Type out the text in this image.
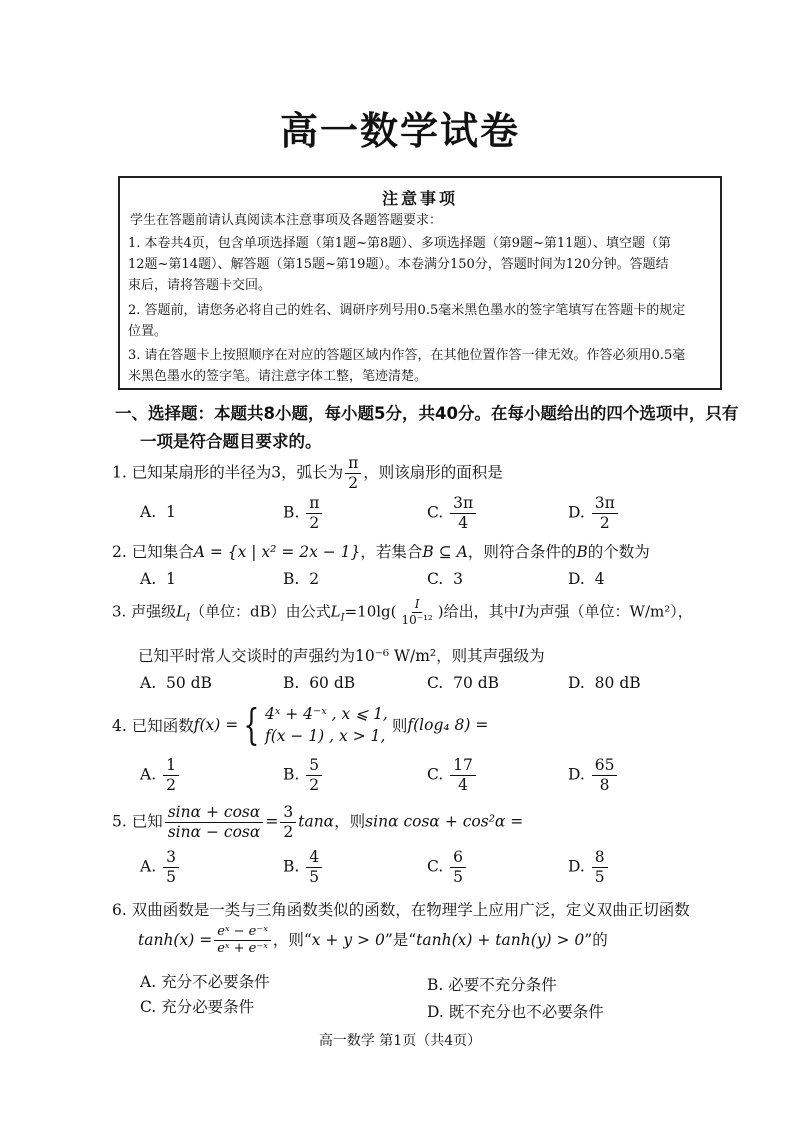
高一数学试卷
注意事项
学生在答题前请认真阅读本注意事项及各题答题要求：
1. 本卷共4页，包含单项选择题（第1题~第8题）、多项选择题（第9题~第11题）、填空题（第
12题~第14题）、解答题（第15题~第19题）。本卷满分150分，答题时间为120分钟。答题结
束后，请将答题卡交回。
2. 答题前，请您务必将自己的姓名、调研序列号用0.5毫米黑色墨水的签字笔填写在答题卡的规定
位置。
3. 请在答题卡上按照顺序在对应的答题区域内作答，在其他位置作答一律无效。作答必须用0.5毫
米黑色墨水的签字笔。请注意字体工整，笔迹清楚。
一、选择题：本题共8小题，每小题5分，共40分。在每小题给出的四个选项中，只有
一项是符合题目要求的。
1. 已知某扇形的半径为3，弧长为 $\frac{\pi}{2}$ ，则该扇形的面积是
A. 1	B. $\frac{\pi}{2}$	C. $\frac{3\pi}{4}$	D. $\frac{3\pi}{2}$
2. 已知集合A = {x | x² = 2x − 1}，若集合B ⊆ A，则符合条件的B的个数为
A. 1	B. 2	C. 3	D. 4
3. 声强级$L_I$（单位：dB）由公式$L_I=10\lg( \frac{I}{\text{10⁻¹²}}$ )给出，其中I为声强（单位：W/m²），
已知平时常人交谈时的声强约为10⁻⁶ W/m²，则其声强级为
A. 50 dB	B. 60 dB	C. 70 dB	D. 80 dB
4. 已知函数 f(x) = { 4ˣ + 4⁻ˣ , x ⩽ 1,
f(x − 1) , x > 1,
则 f(log₄ 8) =
A. $\frac{1}{2}$	B. $\frac{5}{2}$	C. $\frac{17}{4}$	D. $\frac{65}{8}$
5. 已知 $\frac{\sin\alpha + \cos\alpha}{\sin\alpha - \cos\alpha} = \frac{3}{2}$ tanα，则sinα cosα + cos²α =
A. $\frac{3}{5}$	B. $\frac{4}{5}$	C. $\frac{6}{5}$	D. $\frac{8}{5}$
6. 双曲函数是一类与三角函数类似的函数，在物理学上应用广泛，定义双曲正切函数
$\tanh(x) = \frac{\text{eˣ − e⁻ˣ}}{\text{eˣ + e⁻ˣ}}$ ，则“x + y > 0”是“tanh(x) + tanh(y) > 0”的
A. 充分不必要条件	B. 必要不充分条件
C. 充分必要条件	D. 既不充分也不必要条件
高一数学 第1页（共4页）
